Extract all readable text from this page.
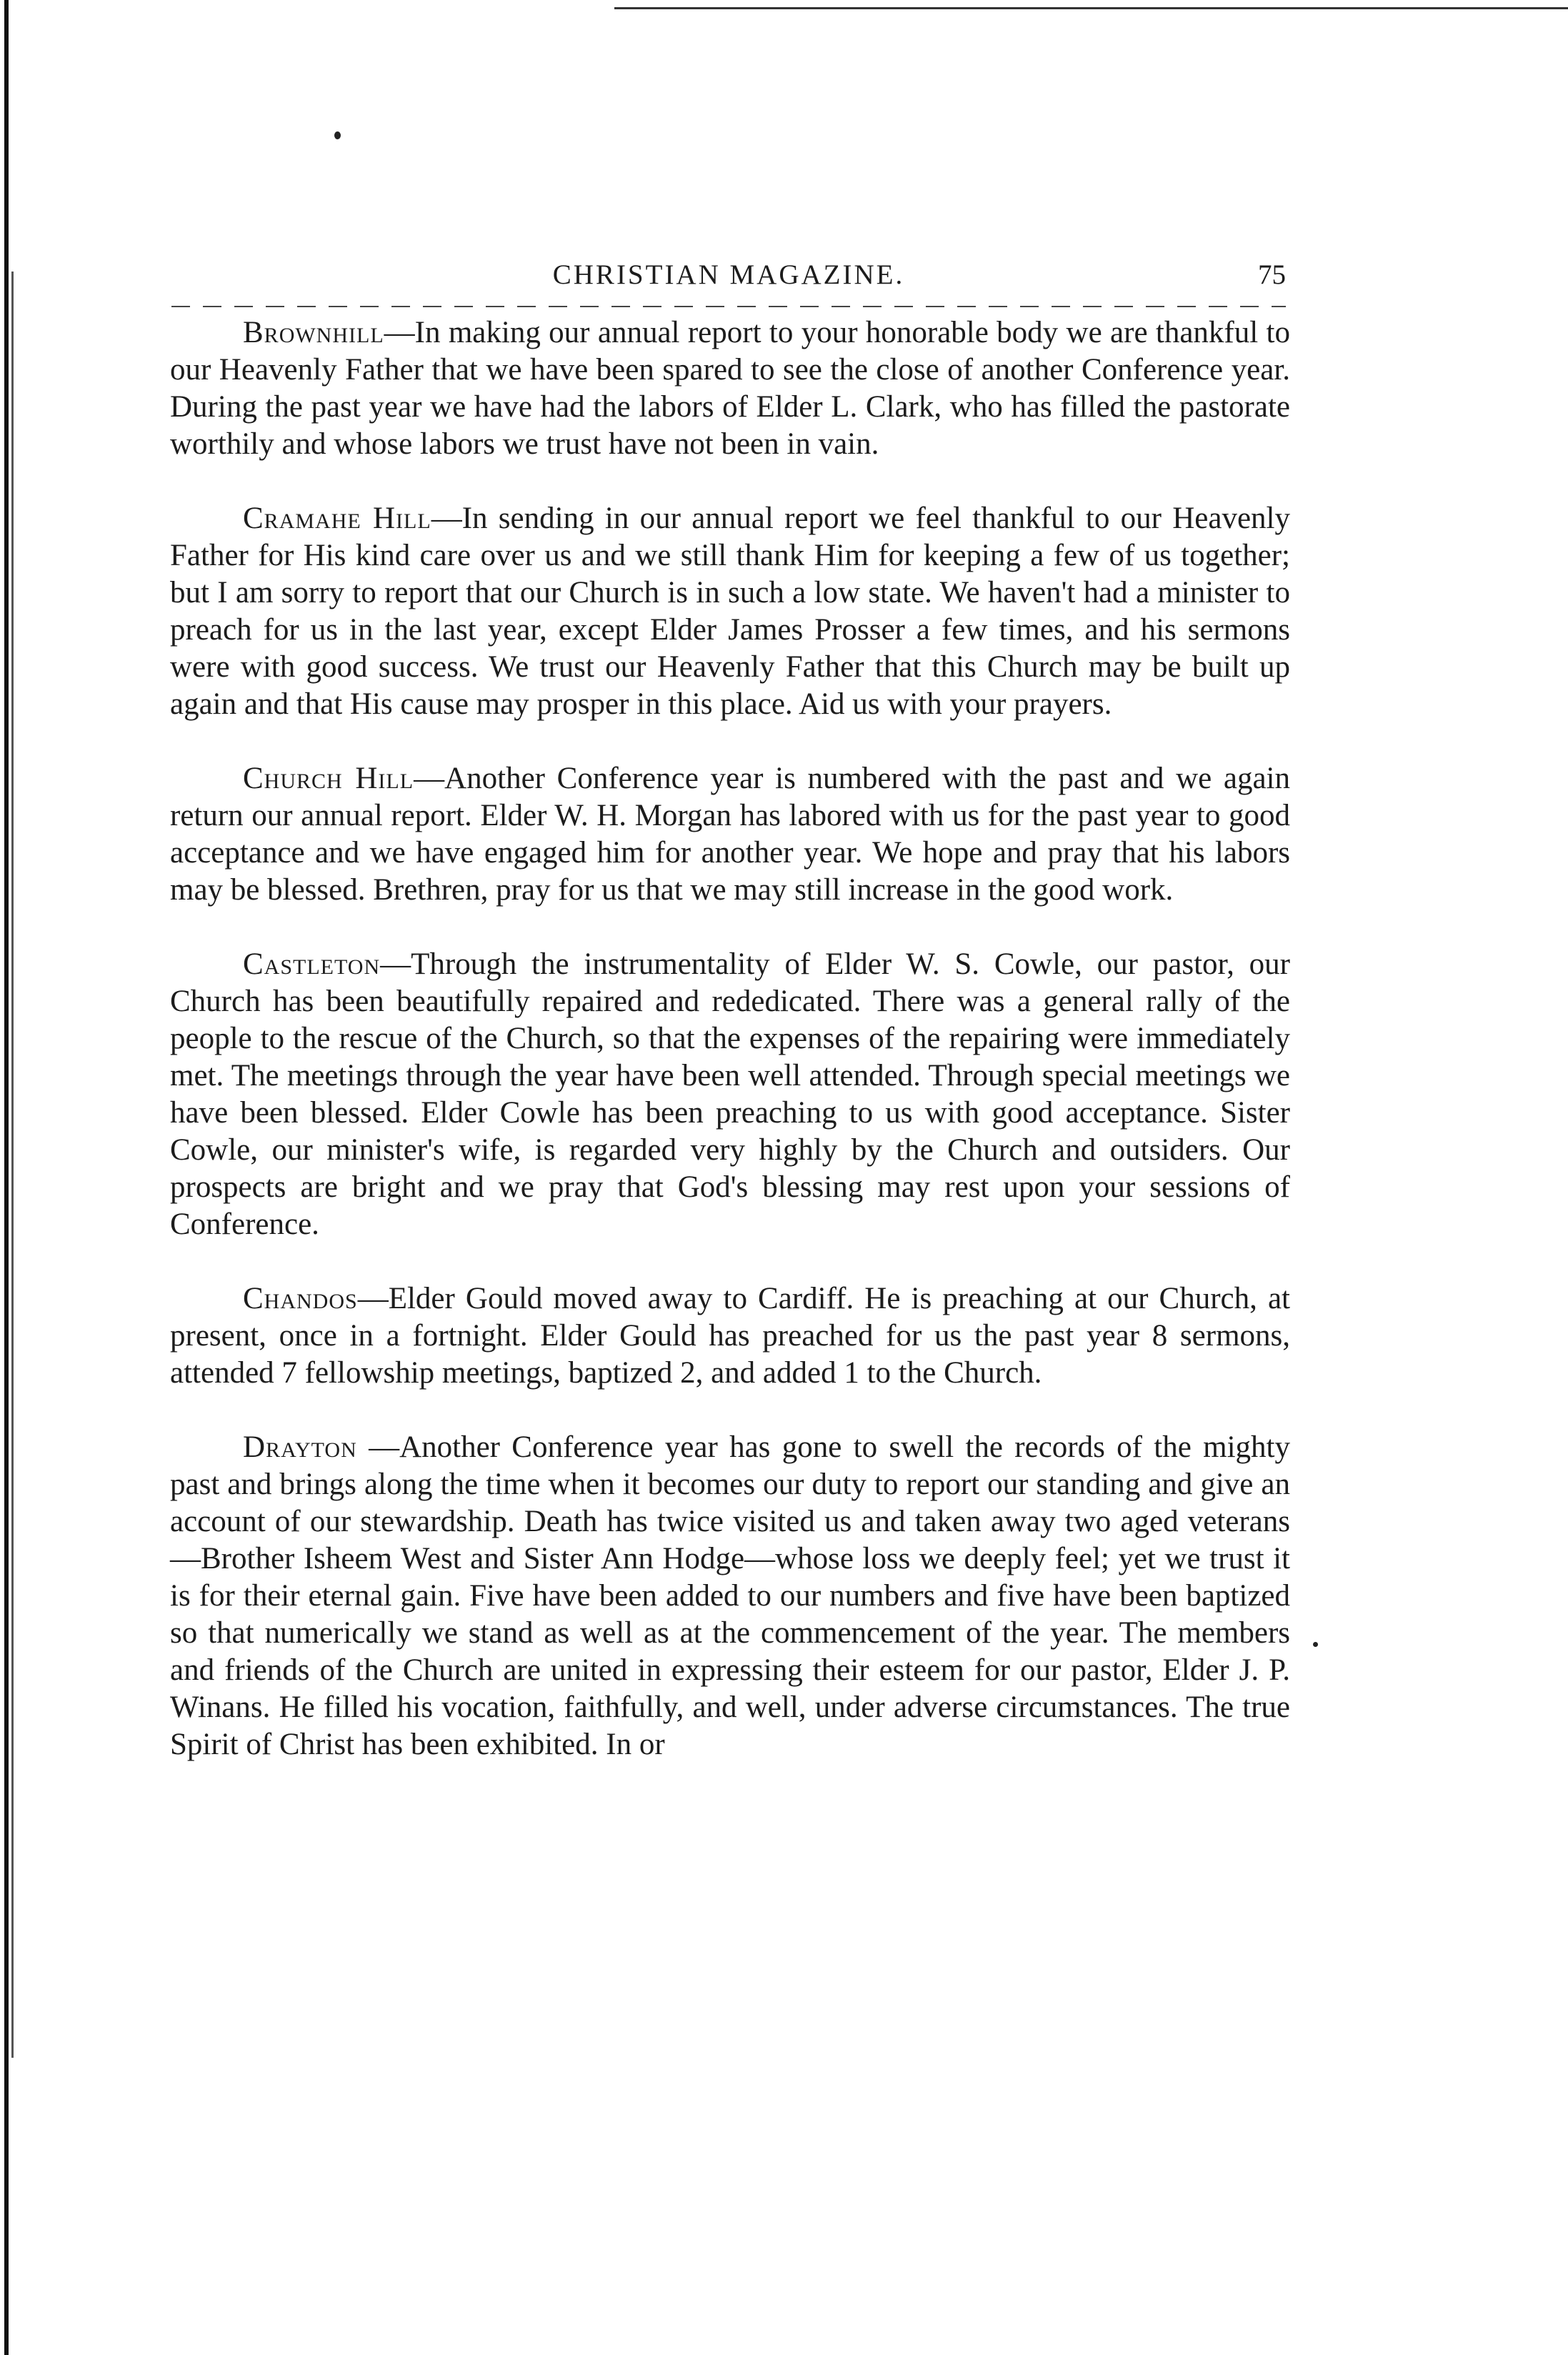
CHRISTIAN MAGAZINE.	75

Brownhill—In making our annual report to your honorable body we are thankful to our Heavenly Father that we have been spared to see the close of another Conference year. During the past year we have had the labors of Elder L. Clark, who has filled the pastorate worthily and whose labors we trust have not been in vain.

Cramahe Hill—In sending in our annual report we feel thankful to our Heavenly Father for His kind care over us and we still thank Him for keeping a few of us together; but I am sorry to report that our Church is in such a low state. We haven't had a minister to preach for us in the last year, except Elder James Prosser a few times, and his sermons were with good success. We trust our Heavenly Father that this Church may be built up again and that His cause may prosper in this place. Aid us with your prayers.

Church Hill—Another Conference year is numbered with the past and we again return our annual report. Elder W. H. Morgan has labored with us for the past year to good acceptance and we have engaged him for another year. We hope and pray that his labors may be blessed. Brethren, pray for us that we may still increase in the good work.

Castleton—Through the instrumentality of Elder W. S. Cowle, our pastor, our Church has been beautifully repaired and rededicated. There was a general rally of the people to the rescue of the Church, so that the expenses of the repairing were immediately met. The meetings through the year have been well attended. Through special meetings we have been blessed. Elder Cowle has been preaching to us with good acceptance. Sister Cowle, our minister's wife, is regarded very highly by the Church and outsiders. Our prospects are bright and we pray that God's blessing may rest upon your sessions of Conference.

Chandos—Elder Gould moved away to Cardiff. He is preaching at our Church, at present, once in a fortnight. Elder Gould has preached for us the past year 8 sermons, attended 7 fellowship meetings, baptized 2, and added 1 to the Church.

Drayton —Another Conference year has gone to swell the records of the mighty past and brings along the time when it becomes our duty to report our standing and give an account of our stewardship. Death has twice visited us and taken away two aged veterans—Brother Isheem West and Sister Ann Hodge—whose loss we deeply feel; yet we trust it is for their eternal gain. Five have been added to our numbers and five have been baptized so that numerically we stand as well as at the commencement of the year. The members and friends of the Church are united in expressing their esteem for our pastor, Elder J. P. Winans. He filled his vocation, faithfully, and well, under adverse circumstances. The true Spirit of Christ has been exhibited. In or
